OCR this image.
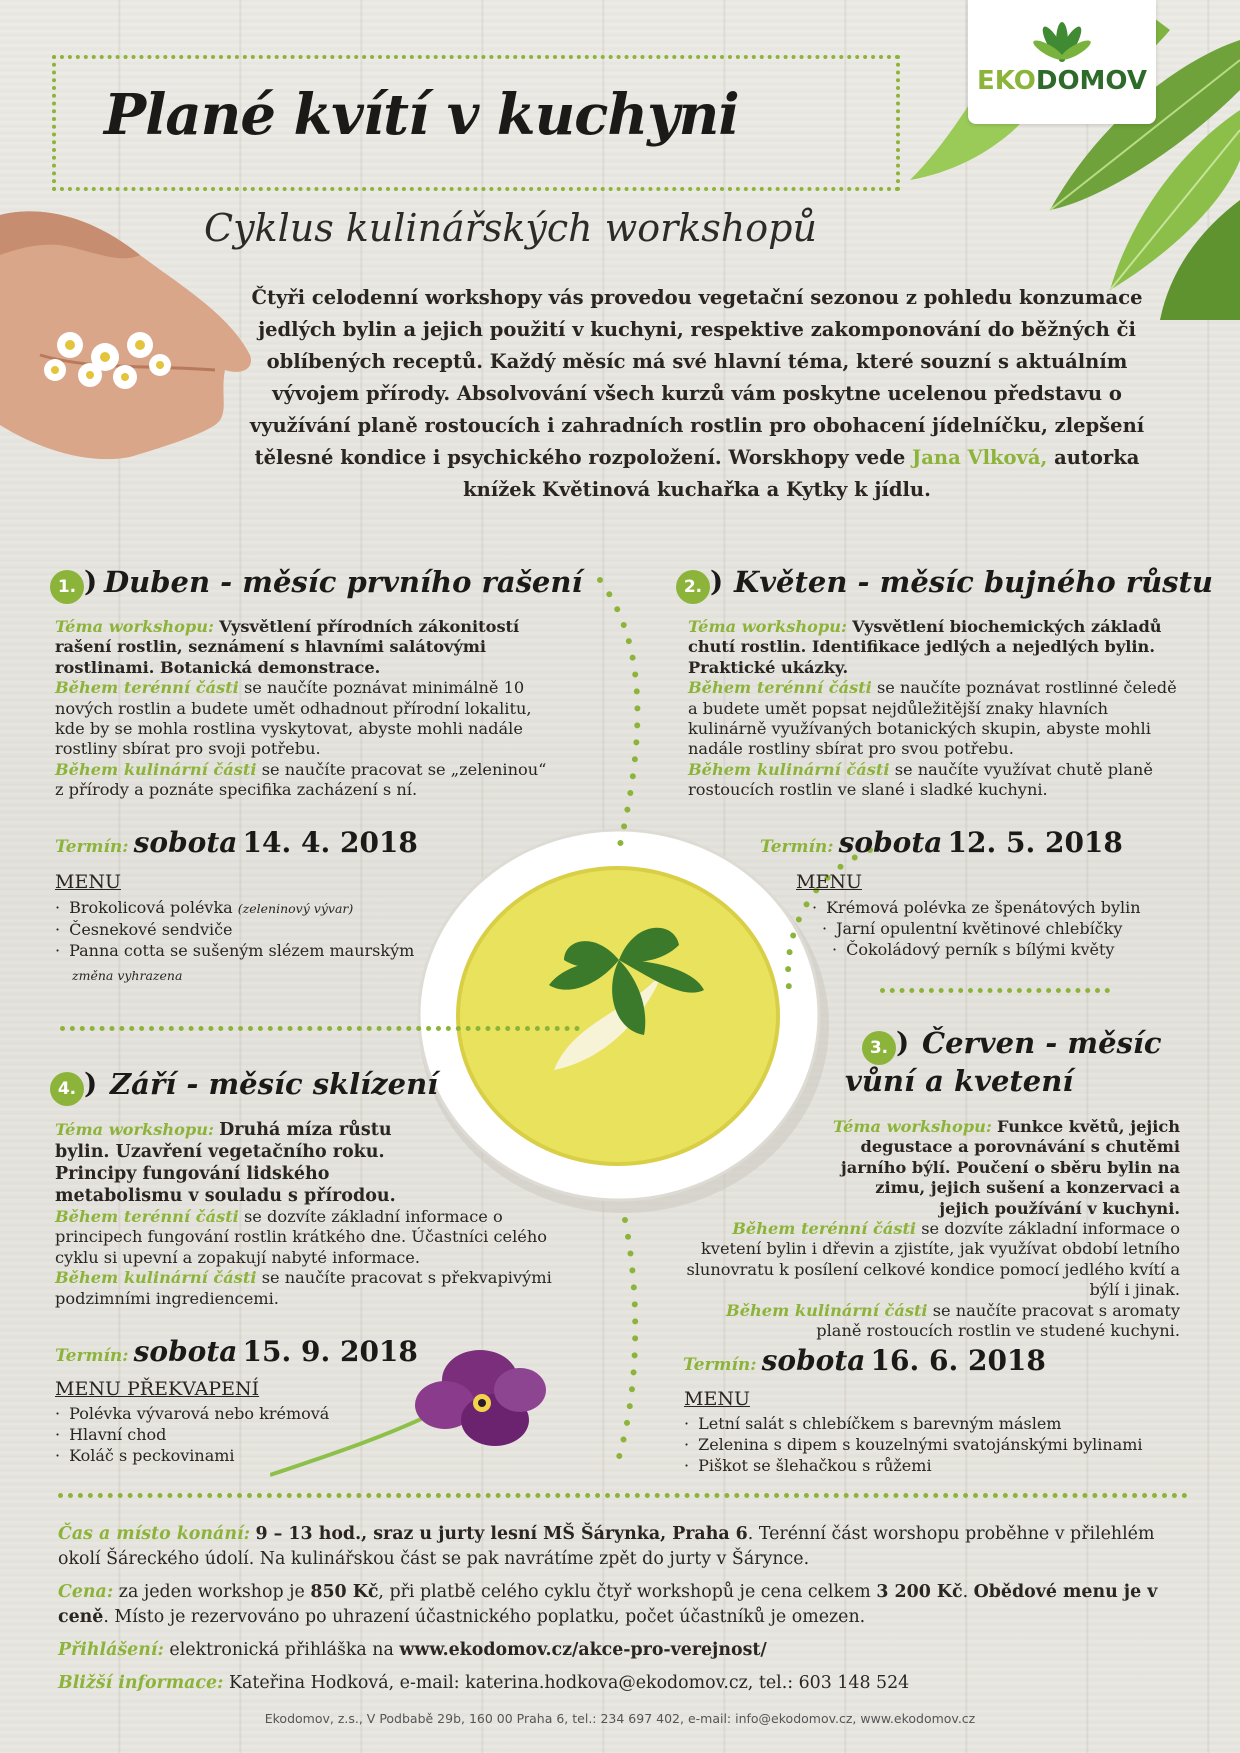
EKODOMOV
Plané kvítí v kuchyni
Cyklus kulinářských workshopů
Čtyři celodenní workshopy vás provedou vegetační sezonou z pohledu konzumace jedlých bylin a jejich použití v kuchyni, respektive zakomponování do běžných či oblíbených receptů. Každý měsíc má své hlavní téma, které souzní s aktuálním vývojem přírody. Absolvování všech kurzů vám poskytne ucelenou představu o využívání planě rostoucích i zahradních rostlin pro obohacení jídelníčku, zlepšení tělesné kondice i psychického rozpoložení. Worskhopy vede Jana Vlková, autorka knížek Květinová kuchařka a Kytky k jídlu.
1. ) Duben - měsíc prvního rašení
Téma workshopu: Vysvětlení přírodních zákonitostí rašení rostlin, seznámení s hlavními salátovými rostlinami. Botanická demonstrace.
Během terénní části se naučíte poznávat minimálně 10 nových rostlin a budete umět odhadnout přírodní lokalitu, kde by se mohla rostlina vyskytovat, abyste mohli nadále rostliny sbírat pro svoji potřebu.
Během kulinární části se naučíte pracovat se „zeleninou“ z přírody a poznáte specifika zacházení s ní.
Termín: sobota 14. 4. 2018
MENU
· Brokolicová polévka (zeleninový vývar)
· Česnekové sendviče
· Panna cotta se sušeným slézem maurským
změna vyhrazena
2. ) Květen - měsíc bujného růstu
Téma workshopu: Vysvětlení biochemických základů chutí rostlin. Identifikace jedlých a nejedlých bylin. Praktické ukázky.
Během terénní části se naučíte poznávat rostlinné čeledě a budete umět popsat nejdůležitější znaky hlavních kulinárně využívaných botanických skupin, abyste mohli nadále rostliny sbírat pro svou potřebu.
Během kulinární části se naučíte využívat chutě planě rostoucích rostlin ve slané i sladké kuchyni.
Termín: sobota 12. 5. 2018
MENU
· Krémová polévka ze špenátových bylin
· Jarní opulentní květinové chlebíčky
· Čokoládový perník s bílými květy
4. ) Září - měsíc sklízení
Téma workshopu: Druhá míza růstu bylin. Uzavření vegetačního roku. Principy fungování lidského metabolismu v souladu s přírodou.
Během terénní části se dozvíte základní informace o principech fungování rostlin krátkého dne. Účastníci celého cyklu si upevní a zopakují nabyté informace.
Během kulinární části se naučíte pracovat s překvapivými podzimními ingrediencemi.
Termín: sobota 15. 9. 2018
MENU PŘEKVAPENÍ
· Polévka vývarová nebo krémová
· Hlavní chod
· Koláč s peckovinami
3. ) Červen - měsíc
vůní a kvetení
Téma workshopu: Funkce květů, jejich degustace a porovnávání s chutěmi jarního býlí. Poučení o sběru bylin na zimu, jejich sušení a konzervaci a jejich používání v kuchyni.
Během terénní části se dozvíte základní informace o kvetení bylin i dřevin a zjistíte, jak využívat období letního slunovratu k posílení celkové kondice pomocí jedlého kvítí a býlí i jinak.
Během kulinární části se naučíte pracovat s aromaty planě rostoucích rostlin ve studené kuchyni.
Termín: sobota 16. 6. 2018
MENU
· Letní salát s chlebíčkem s barevným máslem
· Zelenina s dipem s kouzelnými svatojánskými bylinami
· Piškot se šlehačkou s růžemi

Čas a místo konání: 9 – 13 hod., sraz u jurty lesní MŠ Šárynka, Praha 6. Terénní část worshopu proběhne v přilehlém okolí Šáreckého údolí. Na kulinářskou část se pak navrátíme zpět do jurty v Šárynce.

Cena: za jeden workshop je 850 Kč, při platbě celého cyklu čtyř workshopů je cena celkem 3 200 Kč. Obědové menu je v ceně. Místo je rezervováno po uhrazení účastnického poplatku, počet účastníků je omezen.

Přihlášení: elektronická přihláška na www.ekodomov.cz/akce-pro-verejnost/

Bližší informace: Kateřina Hodková, e-mail: katerina.hodkova@ekodomov.cz, tel.: 603 148 524

Ekodomov, z.s., V Podbabě 29b, 160 00 Praha 6, tel.: 234 697 402, e-mail: info@ekodomov.cz, www.ekodomov.cz
